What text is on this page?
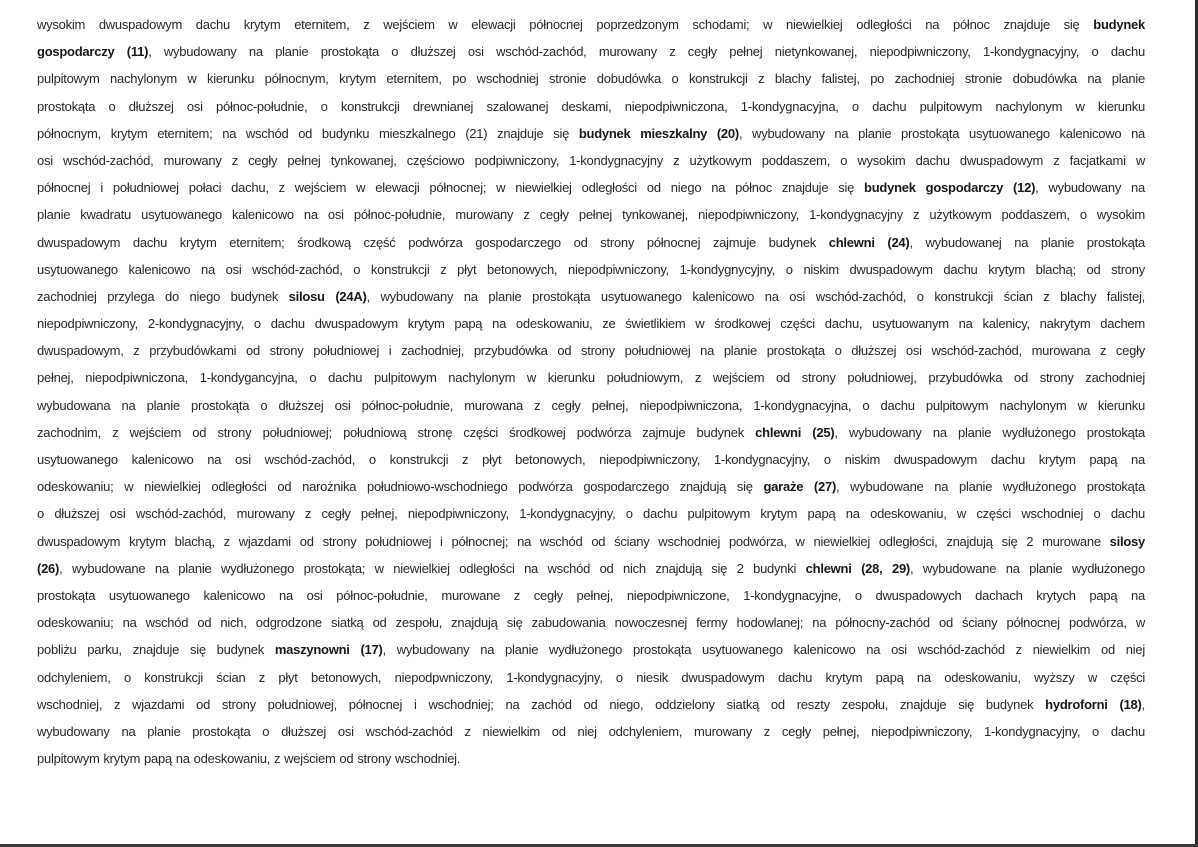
wysokim dwuspadowym dachu krytym eternitem, z wejściem w elewacji północnej poprzedzonym schodami; w niewielkiej odległości na północ znajduje się budynek
gospodarczy (11), wybudowany na planie prostokąta o dłuższej osi wschód-zachód, murowany z cegły pełnej nietynkowanej, niepodpiwniczony, 1-kondygnacyjny, o dachu
pulpitowym nachylonym w kierunku północnym, krytym eternitem, po wschodniej stronie dobudówka o konstrukcji z blachy falistej, po zachodniej stronie dobudówka na planie
prostokąta o dłuższej osi północ-południe, o konstrukcji drewnianej szalowanej deskami, niepodpiwniczona, 1-kondygnacyjna, o dachu pulpitowym nachylonym w kierunku
północnym, krytym eternitem; na wschód od budynku mieszkalnego (21) znajduje się budynek mieszkalny (20), wybudowany na planie prostokąta usytuowanego kalenicowo na
osi wschód-zachód, murowany z cegły pełnej tynkowanej, częściowo podpiwniczony, 1-kondygnacyjny z użytkowym poddaszem, o wysokim dachu dwuspadowym z facjatkami w
północnej i południowej połaci dachu, z wejściem w elewacji północnej; w niewielkiej odległości od niego na północ znajduje się budynek gospodarczy (12), wybudowany na
planie kwadratu usytuowanego kalenicowo na osi północ-południe, murowany z cegły pełnej tynkowanej, niepodpiwniczony, 1-kondygnacyjny z użytkowym poddaszem, o wysokim
dwuspadowym dachu krytym eternitem; środkową część podwórza gospodarczego od strony północnej zajmuje budynek chlewni (24), wybudowanej na planie prostokąta
usytuowanego kalenicowo na osi wschód-zachód, o konstrukcji z płyt betonowych, niepodpiwniczony, 1-kondygnycyjny, o niskim dwuspadowym dachu krytym blachą; od strony
zachodniej przylega do niego budynek silosu (24A), wybudowany na planie prostokąta usytuowanego kalenicowo na osi wschód-zachód, o konstrukcji ścian z blachy falistej,
niepodpiwniczony, 2-kondygnacyjny, o dachu dwuspadowym krytym papą na odeskowaniu, ze świetlikiem w środkowej części dachu, usytuowanym na kalenicy, nakrytym dachem
dwuspadowym, z przybudówkami od strony południowej i zachodniej, przybudówka od strony południowej na planie prostokąta o dłuższej osi wschód-zachód, murowana z cegły
pełnej, niepodpiwniczona, 1-kondygancyjna, o dachu pulpitowym nachylonym w kierunku południowym, z wejściem od strony południowej, przybudówka od strony zachodniej
wybudowana na planie prostokąta o dłuższej osi północ-południe, murowana z cegły pełnej, niepodpiwniczona, 1-kondygnacyjna, o dachu pulpitowym nachylonym w kierunku
zachodnim, z wejściem od strony południowej; południową stronę części środkowej podwórza zajmuje budynek chlewni (25), wybudowany na planie wydłużonego prostokąta
usytuowanego kalenicowo na osi wschód-zachód, o konstrukcji z płyt betonowych, niepodpiwniczony, 1-kondygnacyjny, o niskim dwuspadowym dachu krytym papą na
odeskowaniu; w niewielkiej odległości od narożnika południowo-wschodniego podwórza gospodarczego znajdują się garaże (27), wybudowane na planie wydłużonego prostokąta
o dłuższej osi wschód-zachód, murowany z cegły pełnej, niepodpiwniczony, 1-kondygnacyjny, o dachu pulpitowym krytym papą na odeskowaniu, w części wschodniej o dachu
dwuspadowym krytym blachą, z wjazdami od strony południowej i północnej; na wschód od ściany wschodniej podwórza, w niewielkiej odległości, znajdują się 2 murowane silosy
(26), wybudowane na planie wydłużonego prostokąta; w niewielkiej odległości na wschód od nich znajdują się 2 budynki chlewni (28, 29), wybudowane na planie wydłużonego
prostokąta usytuowanego kalenicowo na osi północ-południe, murowane z cegły pełnej, niepodpiwniczone, 1-kondygnacyjne, o dwuspadowych dachach krytych papą na
odeskowaniu; na wschód od nich, odgrodzone siatką od zespołu, znajdują się zabudowania nowoczesnej fermy hodowlanej; na północny-zachód od ściany północnej podwórza, w
pobliżu parku, znajduje się budynek maszynowni (17), wybudowany na planie wydłużonego prostokąta usytuowanego kalenicowo na osi wschód-zachód z niewielkim od niej
odchyleniem, o konstrukcji ścian z płyt betonowych, niepodpwniczony, 1-kondygnacyjny, o niesik dwuspadowym dachu krytym papą na odeskowaniu, wyższy w części
wschodniej, z wjazdami od strony południowej, północnej i wschodniej; na zachód od niego, oddzielony siatką od reszty zespołu, znajduje się budynek hydroforni (18),
wybudowany na planie prostokąta o dłuższej osi wschód-zachód z niewielkim od niej odchyleniem, murowany z cegły pełnej, niepodpiwniczony, 1-kondygnacyjny, o dachu
pulpitowym krytym papą na odeskowaniu, z wejściem od strony wschodniej.
